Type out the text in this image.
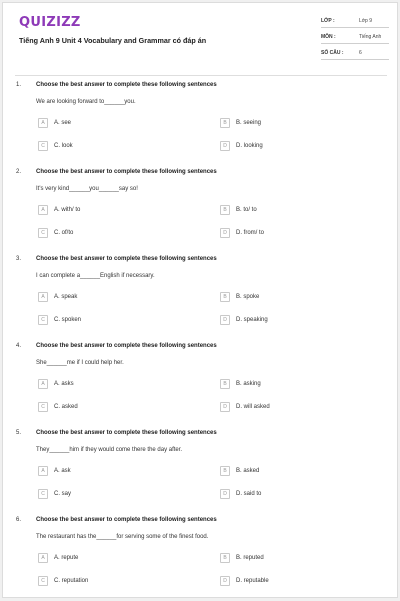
QUIZIZZ
Tiếng Anh 9 Unit 4 Vocabulary and Grammar có đáp án
LỚP :	Lớp 9
MÔN :	Tiếng Anh
SỐ CÂU :	6
1. Choose the best answer to complete these following sentences
We are looking forward to______you.
A	A. see	B	B. seeing
C	C. look	D	D. looking
2. Choose the best answer to complete these following sentences
It's very kind______you______say so!
A	A. with/ to	B	B. to/ to
C	C. of/to	D	D. from/ to
3. Choose the best answer to complete these following sentences
I can complete a______English if necessary.
A	A. speak	B	B. spoke
C	C. spoken	D	D. speaking
4. Choose the best answer to complete these following sentences
She______me if I could help her.
A	A. asks	B	B. asking
C	C. asked	D	D. will asked
5. Choose the best answer to complete these following sentences
They______him if they would come there the day after.
A	A. ask	B	B. asked
C	C. say	D	D. said to
6. Choose the best answer to complete these following sentences
The restaurant has the______for serving some of the finest food.
A	A. repute	B	B. reputed
C	C. reputation	D	D. reputable
